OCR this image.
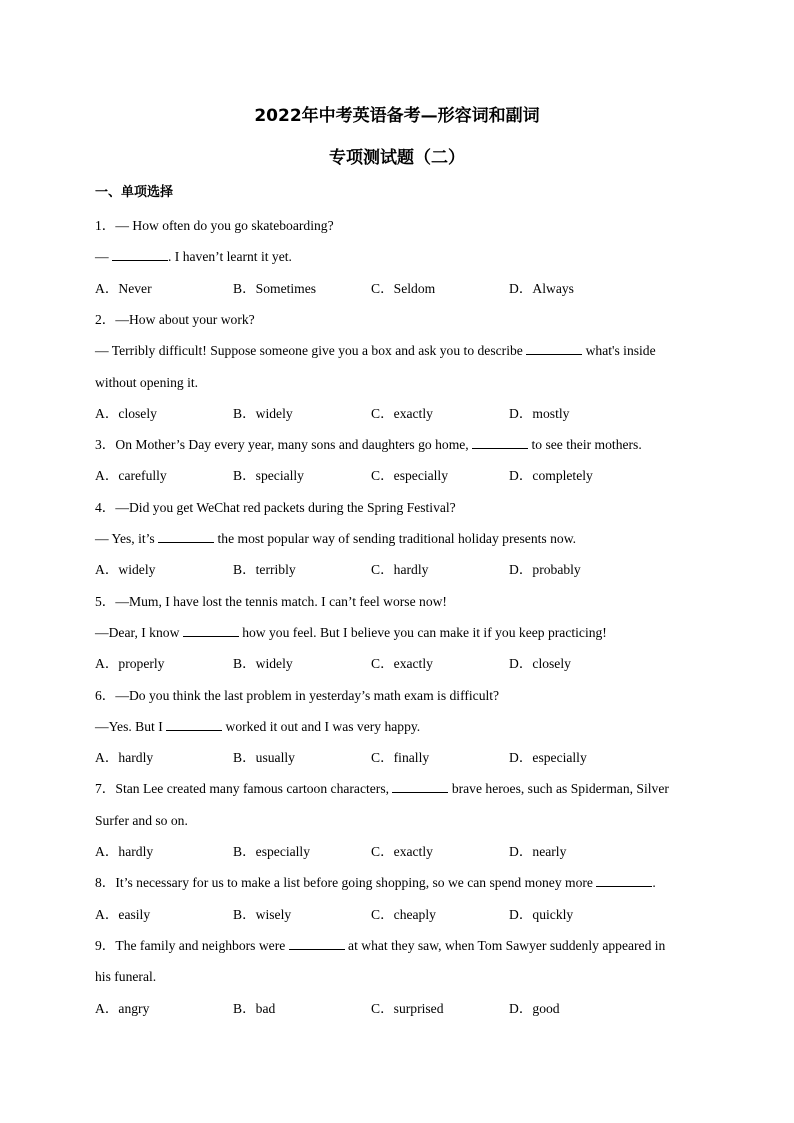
2022年中考英语备考—形容词和副词
专项测试题（二）
一、单项选择
1．— How often do you go skateboarding?
—	. I haven’t learnt it yet.
A．Never	B．Sometimes	C．Seldom	D．Always
2．—How about your work?
— Terribly difficult! Suppose someone give you a box and ask you to describe	what's inside
without opening it.
A．closely	B．widely	C．exactly	D．mostly
3．On Mother’s Day every year, many sons and daughters go home,	to see their mothers.
A．carefully	B．specially	C．especially	D．completely
4．—Did you get WeChat red packets during the Spring Festival?
— Yes, it’s	the most popular way of sending traditional holiday presents now.
A．widely	B．terribly	C．hardly	D．probably
5．—Mum, I have lost the tennis match. I can’t feel worse now!
—Dear, I know	how you feel. But I believe you can make it if you keep practicing!
A．properly	B．widely	C．exactly	D．closely
6．—Do you think the last problem in yesterday’s math exam is difficult?
—Yes. But I	worked it out and I was very happy.
A．hardly	B．usually	C．finally	D．especially
7．Stan Lee created many famous cartoon characters,	brave heroes, such as Spiderman, Silver
Surfer and so on.
A．hardly	B．especially	C．exactly	D．nearly
8．It’s necessary for us to make a list before going shopping, so we can spend money more	.
A．easily	B．wisely	C．cheaply	D．quickly
9．The family and neighbors were	at what they saw, when Tom Sawyer suddenly appeared in
his funeral.
A．angry	B．bad	C．surprised	D．good
